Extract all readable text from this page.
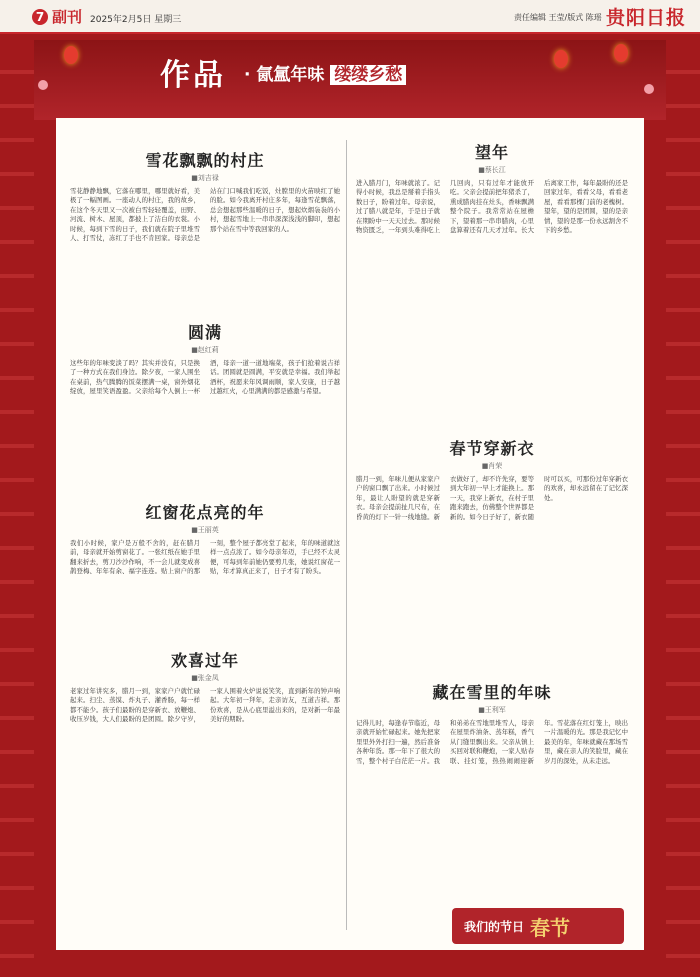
7 副刊 2025年2月5日 星期三	责任编辑 王莹/版式 陈瑶 贵阳日报
作品 · 氤氲年味 缕缕乡愁
雪花飘飘的村庄
■刘吉禄
雪花静静地飘，它落在哪里，哪里就好看，美极了一幅图画。一座动人的村庄，我的故乡，在这个冬天里又一次被白雪轻轻覆盖，田野、河流、树木、屋顶，都披上了洁白的衣裳。小时候，每到下雪的日子，我们就在院子里堆雪人、打雪仗，冻红了手也不肯回家。母亲总是站在门口喊我们吃饭，灶膛里的火苗映红了她的脸。如今我离开村庄多年，每逢雪花飘落，总会想起那些温暖的日子，想起炊烟袅袅的小村，想起雪地上一串串深深浅浅的脚印，想起那个站在雪中等我回家的人。
圆满
■赵红莉
这些年的年味变淡了吗？其实并没有，只是换了一种方式在我们身边。除夕夜，一家人围坐在桌前，热气腾腾的饭菜摆满一桌，窗外烟花绽放，屋里笑语盈盈。父亲给每个人倒上一杯酒，母亲一道一道地端菜，孩子们抢着说吉祥话。团圆就是圆满，平安就是幸福。我们举起酒杯，祝愿来年风调雨顺，家人安康，日子越过越红火，心里满满的都是感激与希望。
红窗花点亮的年
■王丽英
我们小时候，家户是万般不舍的，赶在腊月前，母亲就开始剪窗花了。一张红纸在她手里翻来折去，剪刀沙沙作响，不一会儿就变成喜鹊登梅、年年有余、福字连连。贴上窗户的那一刻，整个屋子都亮堂了起来，年的味道就这样一点点浓了。如今母亲年迈，手已经不太灵便，可每到年前她仍要剪几张，她说红窗花一贴，年才算真正来了，日子才有了盼头。
欢喜过年
■张金凤
老家过年讲究多，腊月一到，家家户户就忙碌起来。扫尘、蒸馍、炸丸子、灌香肠，每一样都不能少。孩子们最盼的是穿新衣、放鞭炮、收压岁钱，大人们最盼的是团圆。除夕守岁，一家人围着火炉说说笑笑，直到新年的钟声响起。大年初一拜年，走亲访友，互道吉祥。那份欢喜，是从心底里溢出来的，是对新一年最美好的期盼。
望年
■蔡长江
进入腊月门，年味就浓了。记得小时候，我总是掰着手指头数日子，盼着过年。母亲说，过了腊八就是年，于是日子就在期盼中一天天过去。那时候物资匮乏，一年到头难得吃上几回肉，只有过年才能放开吃。父亲会提前把年猪杀了，熏成腊肉挂在灶头，香味飘满整个院子。我常常站在屋檐下，望着那一串串腊肉，心里盘算着还有几天才过年。长大后离家工作，每年最盼的还是回家过年，看看父母，看看老屋，看看那棵门前的老槐树。望年，望的是团圆，望的是亲情，望的是那一份永远割舍不下的乡愁。
春节穿新衣
■肖荣
腊月一到，年味儿便从家家户户的窗口飘了出来。小时候过年，最让人盼望的就是穿新衣。母亲会提前扯几尺布，在昏黄的灯下一针一线地缝。新衣做好了，却不许先穿，要等到大年初一早上才能换上。那一天，我穿上新衣，在村子里跑来跑去，仿佛整个世界都是新的。如今日子好了，新衣随时可以买，可那份过年穿新衣的欢喜，却永远留在了记忆深处。
藏在雪里的年味
■王利军
记得儿时，每逢春节临近，母亲就开始忙碌起来。她先把家里里外外打扫一遍，然后准备各种年货。那一年下了很大的雪，整个村子白茫茫一片。我和弟弟在雪地里堆雪人，母亲在屋里炸油条、蒸年糕，香气从门缝里飘出来。父亲从镇上买回对联和鞭炮，一家人贴春联、挂灯笼，热热闹闹迎新年。雪花落在红灯笼上，映出一片温暖的光。那是我记忆中最美的年，年味就藏在那场雪里，藏在亲人的笑脸里，藏在岁月的深处，从未走远。
我们的节日 春节
